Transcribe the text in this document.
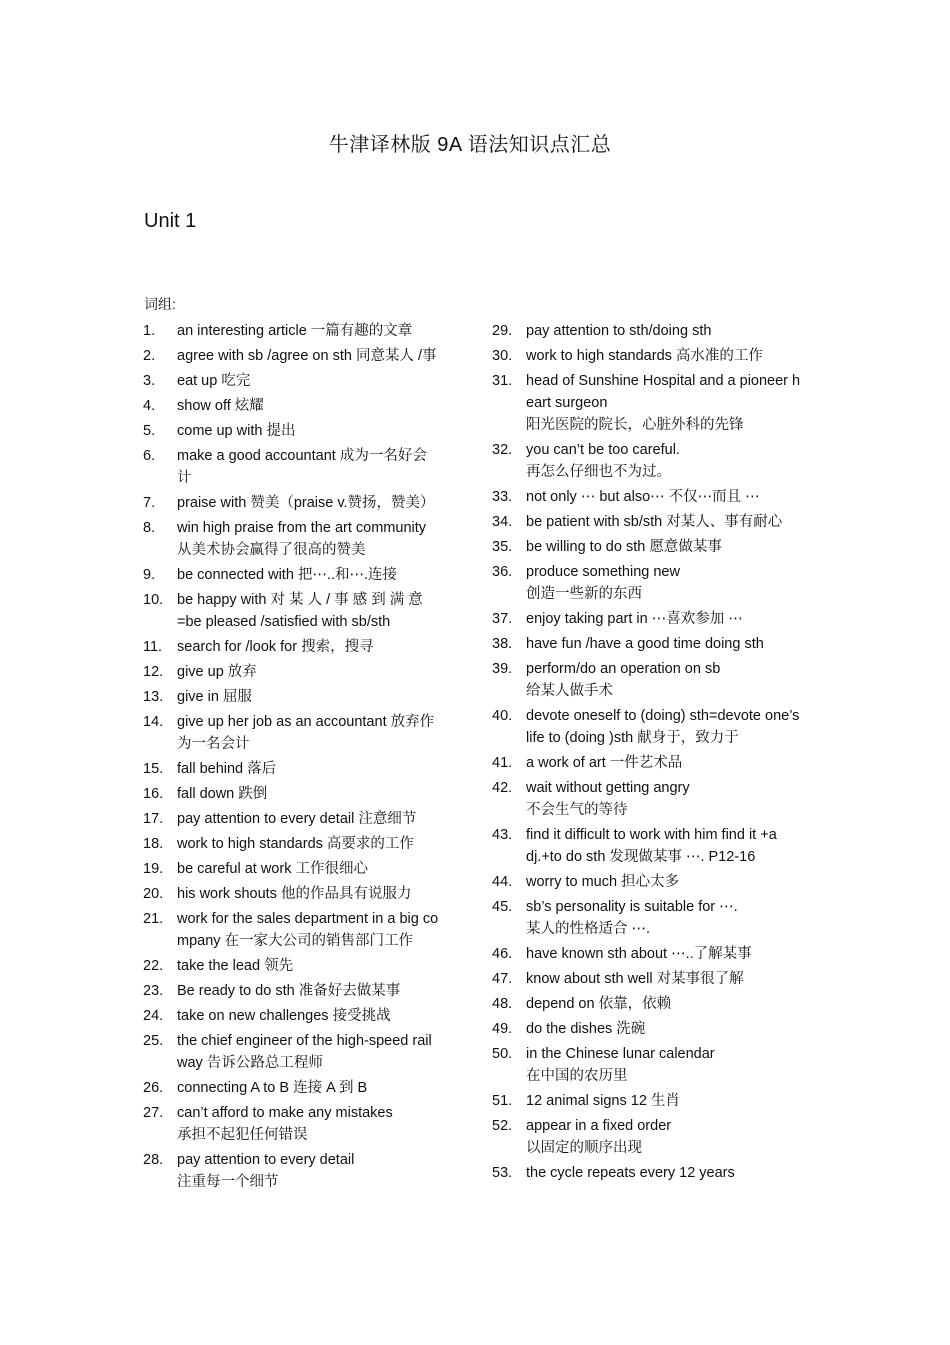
牛津译林版 9A 语法知识点汇总
Unit 1
词组:
1. an interesting article 一篇有趣的文章
2. agree with sb /agree on sth 同意某人 /事
3. eat up 吃完
4. show off 炫耀
5. come up with 提出
6. make a good accountant 成为一名好会
计
7. praise with 赞美（praise v.赞扬，赞美）
8. win high praise from the art community
从美术协会赢得了很高的赞美
9. be connected with 把⋯..和⋯.连接
10. be happy with 对 某 人 / 事 感 到 满 意
=be pleased /satisfied with sb/sth
11. search for /look for 搜索，搜寻
12. give up 放弃
13. give in 屈服
14. give up her job as an accountant 放弃作
为一名会计
15. fall behind 落后
16. fall down 跌倒
17. pay attention to every detail 注意细节
18. work to high standards 高要求的工作
19. be careful at work 工作很细心
20. his work shouts 他的作品具有说服力
21. work for the sales department in a big co
mpany 在一家大公司的销售部门工作
22. take the lead 领先
23. Be ready to do sth 准备好去做某事
24. take on new challenges 接受挑战
25. the chief engineer of the high-speed rail
way 告诉公路总工程师
26. connecting A to B 连接 A 到 B
27. can’t afford to make any mistakes
承担不起犯任何错误
28. pay attention to every detail
注重每一个细节
29. pay attention to sth/doing sth
30. work to high standards 高水准的工作
31. head of Sunshine Hospital and a pioneer h
eart surgeon
阳光医院的院长，心脏外科的先锋
32. you can’t be too careful.
再怎么仔细也不为过。
33. not only ⋯ but also⋯ 不仅⋯而且 ⋯
34. be patient with sb/sth 对某人、事有耐心
35. be willing to do sth 愿意做某事
36. produce something new
创造一些新的东西
37. enjoy taking part in ⋯喜欢参加 ⋯
38. have fun /have a good time doing sth
39. perform/do an operation on sb
给某人做手术
40. devote oneself to (doing) sth=devote one’s
life to (doing )sth 献身于，致力于
41. a work of art 一件艺术品
42. wait without getting angry
不会生气的等待
43. find it difficult to work with him find it +a
dj.+to do sth 发现做某事 ⋯. P12-16
44. worry to much 担心太多
45. sb’s personality is suitable for ⋯.
某人的性格适合 ⋯.
46. have known sth about ⋯..了解某事
47. know about sth well 对某事很了解
48. depend on 依靠，依赖
49. do the dishes 洗碗
50. in the Chinese lunar calendar
在中国的农历里
51. 12 animal signs 12 生肖
52. appear in a fixed order
以固定的顺序出现
53. the cycle repeats every 12 years
